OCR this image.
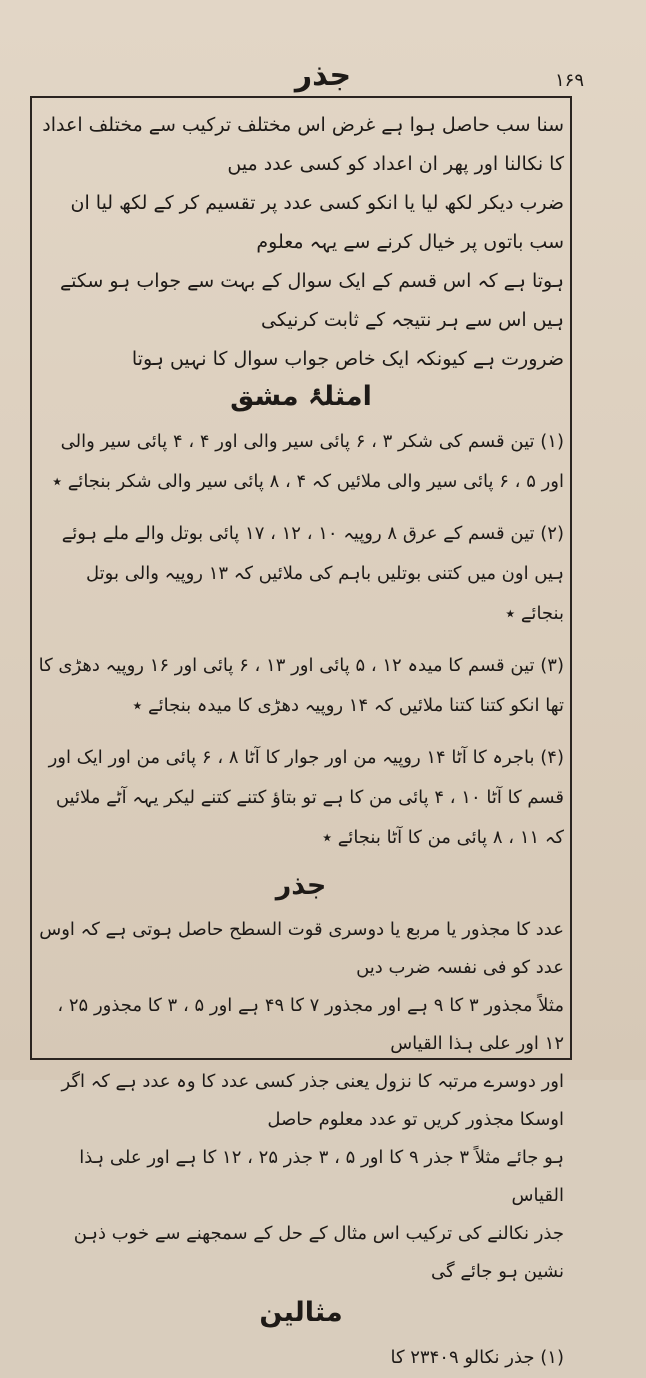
جذر	۱۶۹

سنا سب حاصل ہوا ہے غرض اس مختلف ترکیب سے مختلف اعداد کا نکالنا اور پھر ان اعداد کو کسی عدد میں

ضرب دیکر لکھ لیا یا انکو کسی عدد پر تقسیم کر کے لکھ لیا ان سب باتوں پر خیال کرنے سے یہہ معلوم

ہوتا ہے کہ اس قسم کے ایک سوال کے بہت سے جواب ہو سکتے ہیں اس سے ہر نتیجہ کے ثابت کرنیکی

ضرورت ہے کیونکہ ایک خاص جواب سوال کا نہیں ہوتا

امثلۂ مشق

(۱) تین قسم کی شکر ۳ ، ۶ پائی سیر والی اور ۴ ، ۴ پائی سیر والی اور ۵ ، ۶ پائی سیر والی ملائیں کہ ۴ ، ۸ پائی سیر والی شکر بنجائے ٭

(۲) تین قسم کے عرق ۸ روپیہ ۱۰ ، ۱۲ ، ۱۷ پائی بوتل والے ملے ہوئے ہیں اون میں کتنی بوتلیں باہم کی ملائیں کہ ۱۳ روپیہ والی بوتل بنجائے ٭

(۳) تین قسم کا میدہ ۱۲ ، ۵ پائی اور ۱۳ ، ۶ پائی اور ۱۶ روپیہ دھڑی کا تھا انکو کتنا کتنا ملائیں کہ ۱۴ روپیہ دھڑی کا میدہ بنجائے ٭

(۴) باجرہ کا آٹا ۱۴ روپیہ من اور جوار کا آٹا ۸ ، ۶ پائی من اور ایک اور قسم کا آٹا ۱۰ ، ۴ پائی من کا ہے تو بتاؤ کتنے کتنے لیکر یہہ آٹے ملائیں کہ ۱۱ ، ۸ پائی من کا آٹا بنجائے ٭

جذر

عدد کا مجذور یا مربع یا دوسری قوت السطح حاصل ہوتی ہے کہ اوس عدد کو فی نفسہ ضرب دیں

مثلاً مجذور ۳ کا ۹ ہے اور مجذور ۷ کا ۴۹ ہے اور ۵ ، ۳ کا مجذور ۲۵ ، ۱۲ اور علی ہذا القیاس

اور دوسرے مرتبہ کا نزول یعنی جذر کسی عدد کا وہ عدد ہے کہ اگر اوسکا مجذور کریں تو عدد معلوم حاصل

ہو جائے مثلاً ۳ جذر ۹ کا اور ۵ ، ۳ جذر ۲۵ ، ۱۲ کا ہے اور علی ہذا القیاس

جذر نکالنے کی ترکیب اس مثال کے حل کے سمجھنے سے خوب ذہن نشین ہو جائے گی

مثالین

(۱) جذر نکالو ۲۳۴۰۹ کا
